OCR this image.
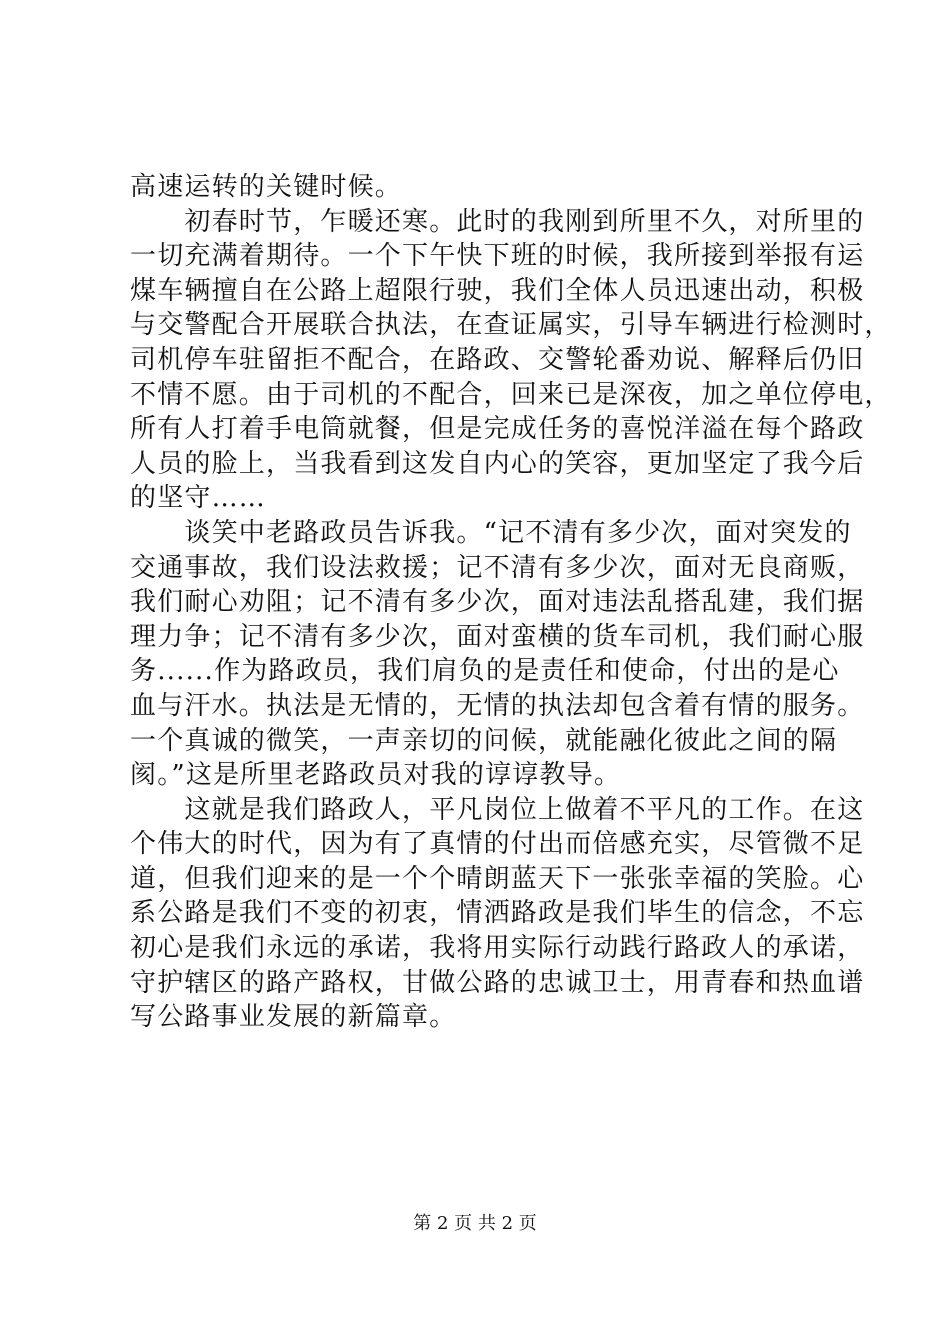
高速运转的关键时候。
　　初春时节，乍暖还寒。此时的我刚到所里不久，对所里的
一切充满着期待。一个下午快下班的时候，我所接到举报有运
煤车辆擅自在公路上超限行驶，我们全体人员迅速出动，积极
与交警配合开展联合执法，在查证属实，引导车辆进行检测时，
司机停车驻留拒不配合，在路政、交警轮番劝说、解释后仍旧
不情不愿。由于司机的不配合，回来已是深夜，加之单位停电，
所有人打着手电筒就餐，但是完成任务的喜悦洋溢在每个路政
人员的脸上，当我看到这发自内心的笑容，更加坚定了我今后
的坚守……
　　谈笑中老路政员告诉我。“记不清有多少次，面对突发的
交通事故，我们设法救援；记不清有多少次，面对无良商贩，
我们耐心劝阻；记不清有多少次，面对违法乱搭乱建，我们据
理力争；记不清有多少次，面对蛮横的货车司机，我们耐心服
务......作为路政员，我们肩负的是责任和使命，付出的是心
血与汗水。执法是无情的，无情的执法却包含着有情的服务。
一个真诚的微笑，一声亲切的问候，就能融化彼此之间的隔
阂。”这是所里老路政员对我的谆谆教导。
　　这就是我们路政人，平凡岗位上做着不平凡的工作。在这
个伟大的时代，因为有了真情的付出而倍感充实，尽管微不足
道，但我们迎来的是一个个晴朗蓝天下一张张幸福的笑脸。心
系公路是我们不变的初衷，情洒路政是我们毕生的信念，不忘
初心是我们永远的承诺，我将用实际行动践行路政人的承诺，
守护辖区的路产路权，甘做公路的忠诚卫士，用青春和热血谱
写公路事业发展的新篇章。
第 2 页 共 2 页
